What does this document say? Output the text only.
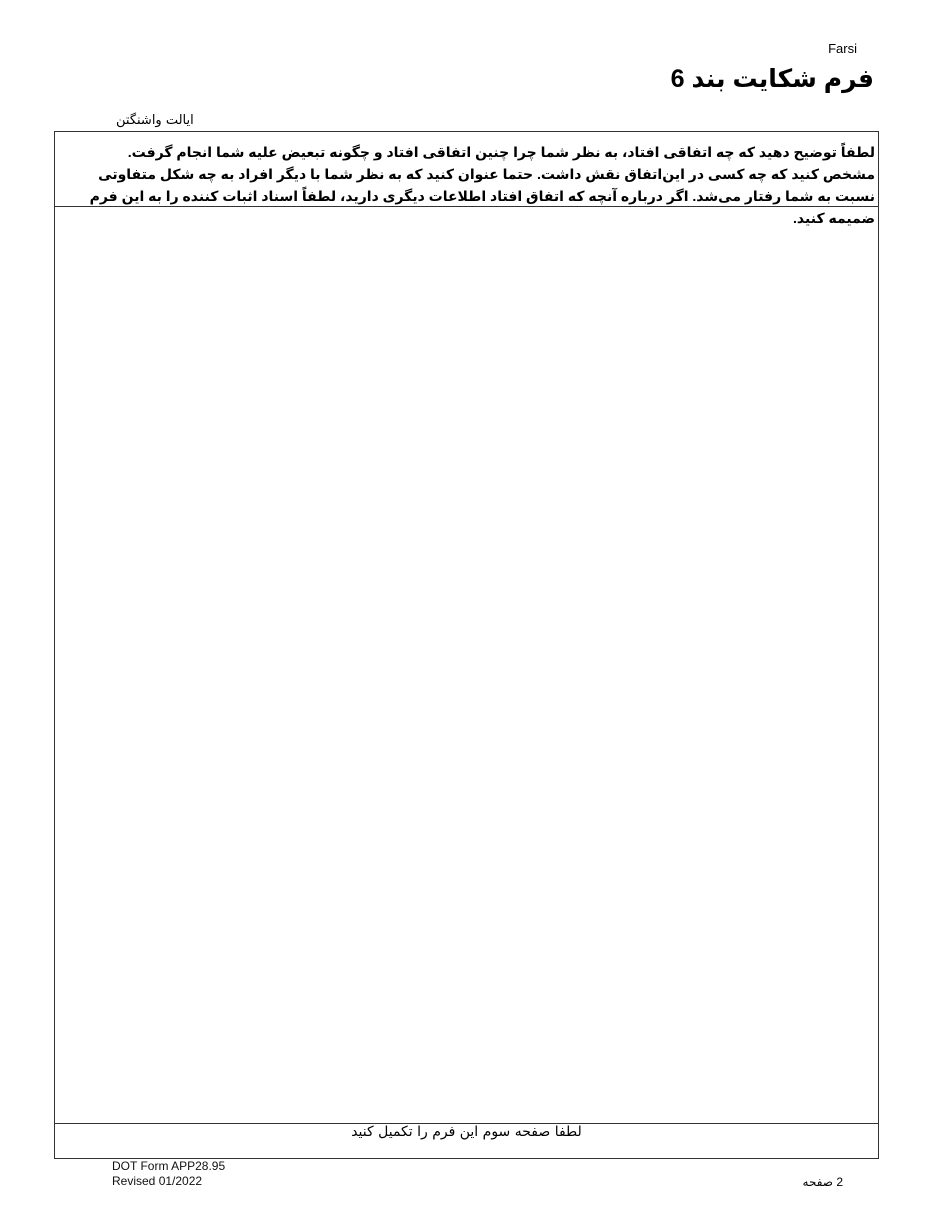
Farsi
فرم شکایت بند 6
ایالت واشنگتن
لطفاً توضیح دهید که چه اتفاقی افتاد، به نظر شما چرا چنین اتفاقی افتاد و چگونه تبعیض علیه شما انجام گرفت. مشخص کنید که چه کسی در این‌اتفاق نقش داشت. حتما عنوان کنید که به نظر شما با دیگر افراد به چه شکل متفاوتی نسبت به شما رفتار می‌شد. اگر درباره آنچه که اتفاق افتاد اطلاعات دیگری دارید، لطفاً اسناد اثبات کننده را به این فرم ضمیمه کنید.
لطفا صفحه سوم این فرم را تکمیل کنید
DOT Form APP28.95
Revised 01/2022	2 صفحه
